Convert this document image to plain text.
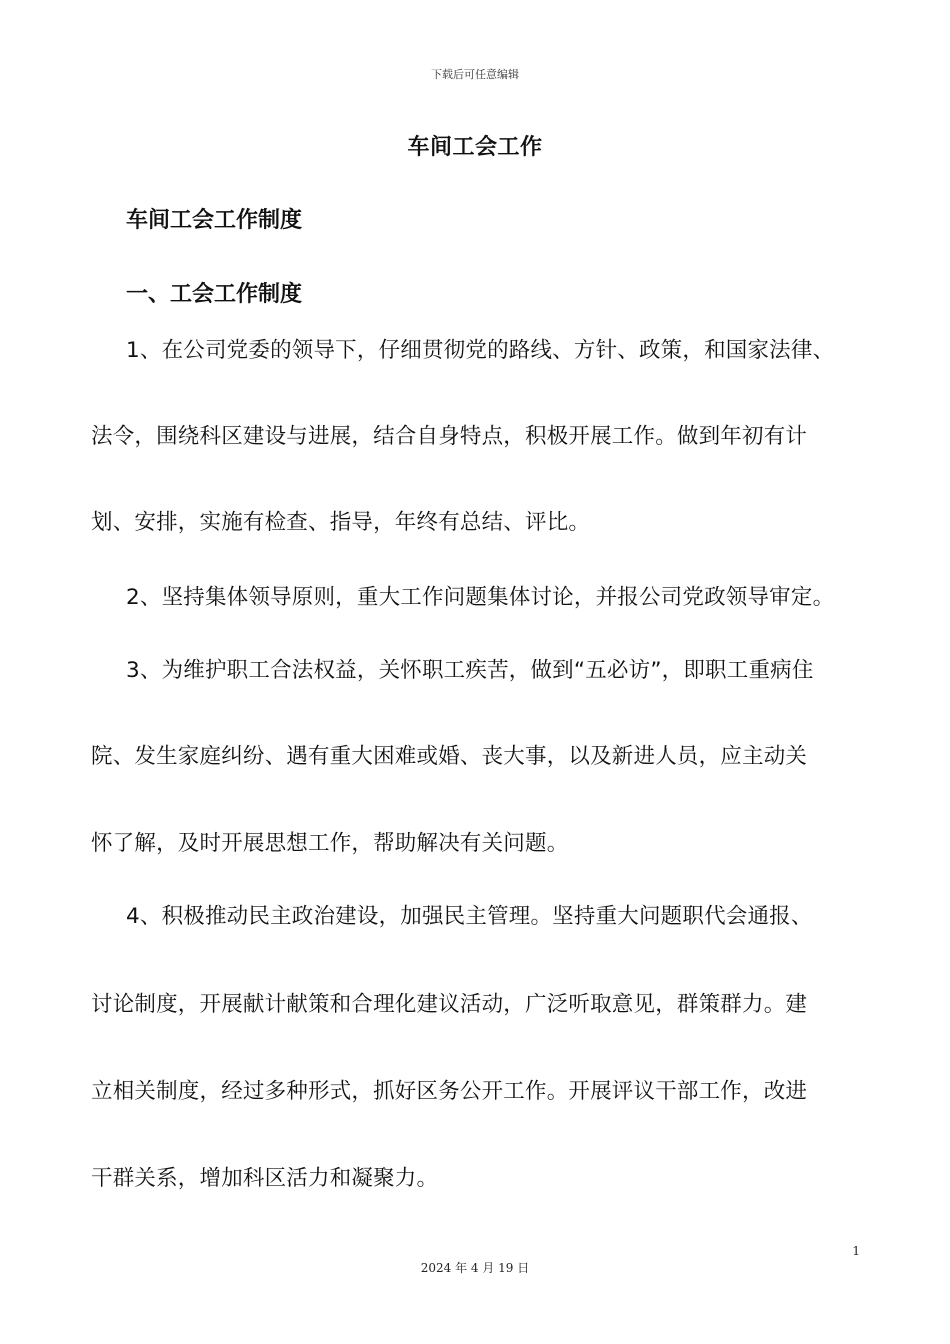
下载后可任意编辑
车间工会工作
车间工会工作制度
一、工会工作制度

1、在公司党委的领导下，仔细贯彻党的路线、方针、政策，和国家法律、

法令，围绕科区建设与进展，结合自身特点，积极开展工作。做到年初有计

划、安排，实施有检查、指导，年终有总结、评比。

2、坚持集体领导原则，重大工作问题集体讨论，并报公司党政领导审定。

3、为维护职工合法权益，关怀职工疾苦，做到“五必访”，即职工重病住

院、发生家庭纠纷、遇有重大困难或婚、丧大事，以及新进人员，应主动关

怀了解，及时开展思想工作，帮助解决有关问题。

4、积极推动民主政治建设，加强民主管理。坚持重大问题职代会通报、

讨论制度，开展献计献策和合理化建议活动，广泛听取意见，群策群力。建

立相关制度，经过多种形式，抓好区务公开工作。开展评议干部工作，改进

干群关系，增加科区活力和凝聚力。

1
2024 年 4 月 19 日
